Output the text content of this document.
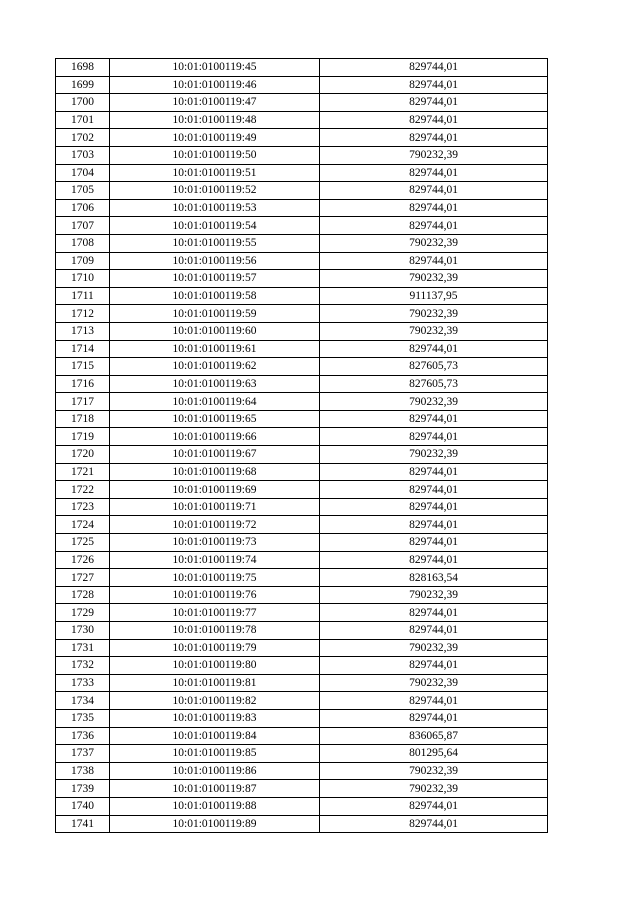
1698	10:01:0100119:45	829744,01
1699	10:01:0100119:46	829744,01
1700	10:01:0100119:47	829744,01
1701	10:01:0100119:48	829744,01
1702	10:01:0100119:49	829744,01
1703	10:01:0100119:50	790232,39
1704	10:01:0100119:51	829744,01
1705	10:01:0100119:52	829744,01
1706	10:01:0100119:53	829744,01
1707	10:01:0100119:54	829744,01
1708	10:01:0100119:55	790232,39
1709	10:01:0100119:56	829744,01
1710	10:01:0100119:57	790232,39
1711	10:01:0100119:58	911137,95
1712	10:01:0100119:59	790232,39
1713	10:01:0100119:60	790232,39
1714	10:01:0100119:61	829744,01
1715	10:01:0100119:62	827605,73
1716	10:01:0100119:63	827605,73
1717	10:01:0100119:64	790232,39
1718	10:01:0100119:65	829744,01
1719	10:01:0100119:66	829744,01
1720	10:01:0100119:67	790232,39
1721	10:01:0100119:68	829744,01
1722	10:01:0100119:69	829744,01
1723	10:01:0100119:71	829744,01
1724	10:01:0100119:72	829744,01
1725	10:01:0100119:73	829744,01
1726	10:01:0100119:74	829744,01
1727	10:01:0100119:75	828163,54
1728	10:01:0100119:76	790232,39
1729	10:01:0100119:77	829744,01
1730	10:01:0100119:78	829744,01
1731	10:01:0100119:79	790232,39
1732	10:01:0100119:80	829744,01
1733	10:01:0100119:81	790232,39
1734	10:01:0100119:82	829744,01
1735	10:01:0100119:83	829744,01
1736	10:01:0100119:84	836065,87
1737	10:01:0100119:85	801295,64
1738	10:01:0100119:86	790232,39
1739	10:01:0100119:87	790232,39
1740	10:01:0100119:88	829744,01
1741	10:01:0100119:89	829744,01
